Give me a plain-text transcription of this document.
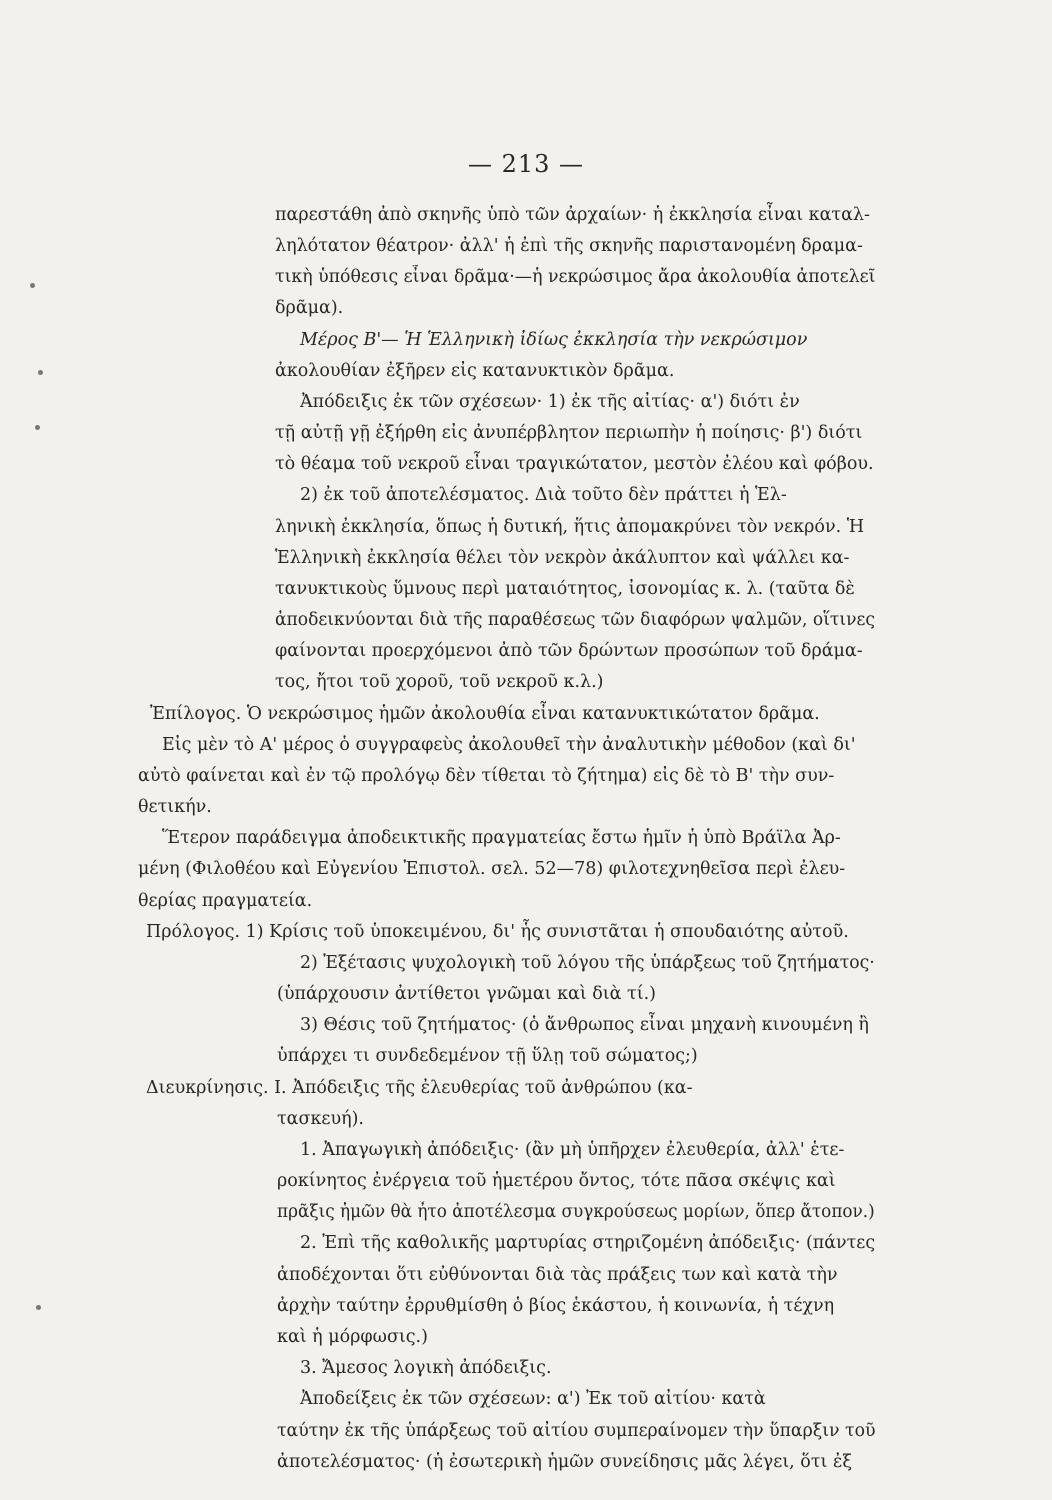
— 213 —
παρεστάθη ἀπὸ σκηνῆς ὑπὸ τῶν ἀρχαίων· ἡ ἐκκλησία εἶναι καταλ-
ληλότατον θέατρον· ἀλλ' ἡ ἐπὶ τῆς σκηνῆς παριστανομένη δραμα-
τικὴ ὑπόθεσις εἶναι δρᾶμα·—ἡ νεκρώσιμος ἄρα ἀκολουθία ἀποτελεῖ
δρᾶμα).
Μέρος Β'— Ἡ Ἑλληνικὴ ἰδίως ἐκκλησία τὴν νεκρώσιμον
ἀκολουθίαν ἐξῆρεν εἰς κατανυκτικὸν δρᾶμα.
Ἀπόδειξις ἐκ τῶν σχέσεων· 1) ἐκ τῆς αἰτίας· α') διότι ἐν
τῇ αὐτῇ γῇ ἐξήρθη εἰς ἀνυπέρβλητον περιωπὴν ἡ ποίησις· β') διότι
τὸ θέαμα τοῦ νεκροῦ εἶναι τραγικώτατον, μεστὸν ἐλέου καὶ φόβου.
2) ἐκ τοῦ ἀποτελέσματος. Διὰ τοῦτο δὲν πράττει ἡ Ἑλ-
ληνικὴ ἐκκλησία, ὅπως ἡ δυτική, ἥτις ἀπομακρύνει τὸν νεκρόν. Ἡ
Ἑλληνικὴ ἐκκλησία θέλει τὸν νεκρὸν ἀκάλυπτον καὶ ψάλλει κα-
τανυκτικοὺς ὕμνους περὶ ματαιότητος, ἰσονομίας κ. λ. (ταῦτα δὲ
ἀποδεικνύονται διὰ τῆς παραθέσεως τῶν διαφόρων ψαλμῶν, οἵτινες
φαίνονται προερχόμενοι ἀπὸ τῶν δρώντων προσώπων τοῦ δράμα-
τος, ἤτοι τοῦ χοροῦ, τοῦ νεκροῦ κ.λ.)
Ἐπίλογος. Ὁ νεκρώσιμος ἡμῶν ἀκολουθία εἶναι κατανυκτικώτατον δρᾶμα.
Εἰς μὲν τὸ Α' μέρος ὁ συγγραφεὺς ἀκολουθεῖ τὴν ἀναλυτικὴν μέθοδον (καὶ δι'
αὐτὸ φαίνεται καὶ ἐν τῷ προλόγῳ δὲν τίθεται τὸ ζήτημα) εἰς δὲ τὸ Β' τὴν συν-
θετικήν.
Ἕτερον παράδειγμα ἀποδεικτικῆς πραγματείας ἔστω ἡμῖν ἡ ὑπὸ Βράϊλα Ἀρ-
μένη (Φιλοθέου καὶ Εὐγενίου Ἐπιστολ. σελ. 52—78) φιλοτεχνηθεῖσα περὶ ἐλευ-
θερίας πραγματεία.
Πρόλογος. 1) Κρίσις τοῦ ὑποκειμένου, δι' ἧς συνιστᾶται ἡ σπουδαιότης αὐτοῦ.
2) Ἐξέτασις ψυχολογικὴ τοῦ λόγου τῆς ὑπάρξεως τοῦ ζητήματος·
(ὑπάρχουσιν ἀντίθετοι γνῶμαι καὶ διὰ τί.)
3) Θέσις τοῦ ζητήματος· (ὁ ἄνθρωπος εἶναι μηχανὴ κινουμένη ἢ
ὑπάρχει τι συνδεδεμένον τῇ ὕλῃ τοῦ σώματος;)
Διευκρίνησις. Ι. Ἀπόδειξις τῆς ἐλευθερίας τοῦ ἀνθρώπου (κα-
τασκευή).
1. Ἀπαγωγικὴ ἀπόδειξις· (ἂν μὴ ὑπῆρχεν ἐλευθερία, ἀλλ' ἑτε-
ροκίνητος ἐνέργεια τοῦ ἡμετέρου ὄντος, τότε πᾶσα σκέψις καὶ
πρᾶξις ἡμῶν θὰ ἦτο ἀποτέλεσμα συγκρούσεως μορίων, ὅπερ ἄτοπον.)
2. Ἐπὶ τῆς καθολικῆς μαρτυρίας στηριζομένη ἀπόδειξις· (πάντες
ἀποδέχονται ὅτι εὐθύνονται διὰ τὰς πράξεις των καὶ κατὰ τὴν
ἀρχὴν ταύτην ἐρρυθμίσθη ὁ βίος ἑκάστου, ἡ κοινωνία, ἡ τέχνη
καὶ ἡ μόρφωσις.)
3. Ἄμεσος λογικὴ ἀπόδειξις.
Ἀποδείξεις ἐκ τῶν σχέσεων: α') Ἐκ τοῦ αἰτίου· κατὰ
ταύτην ἐκ τῆς ὑπάρξεως τοῦ αἰτίου συμπεραίνομεν τὴν ὕπαρξιν τοῦ
ἀποτελέσματος· (ἡ ἐσωτερικὴ ἡμῶν συνείδησις μᾶς λέγει, ὅτι ἐξ
